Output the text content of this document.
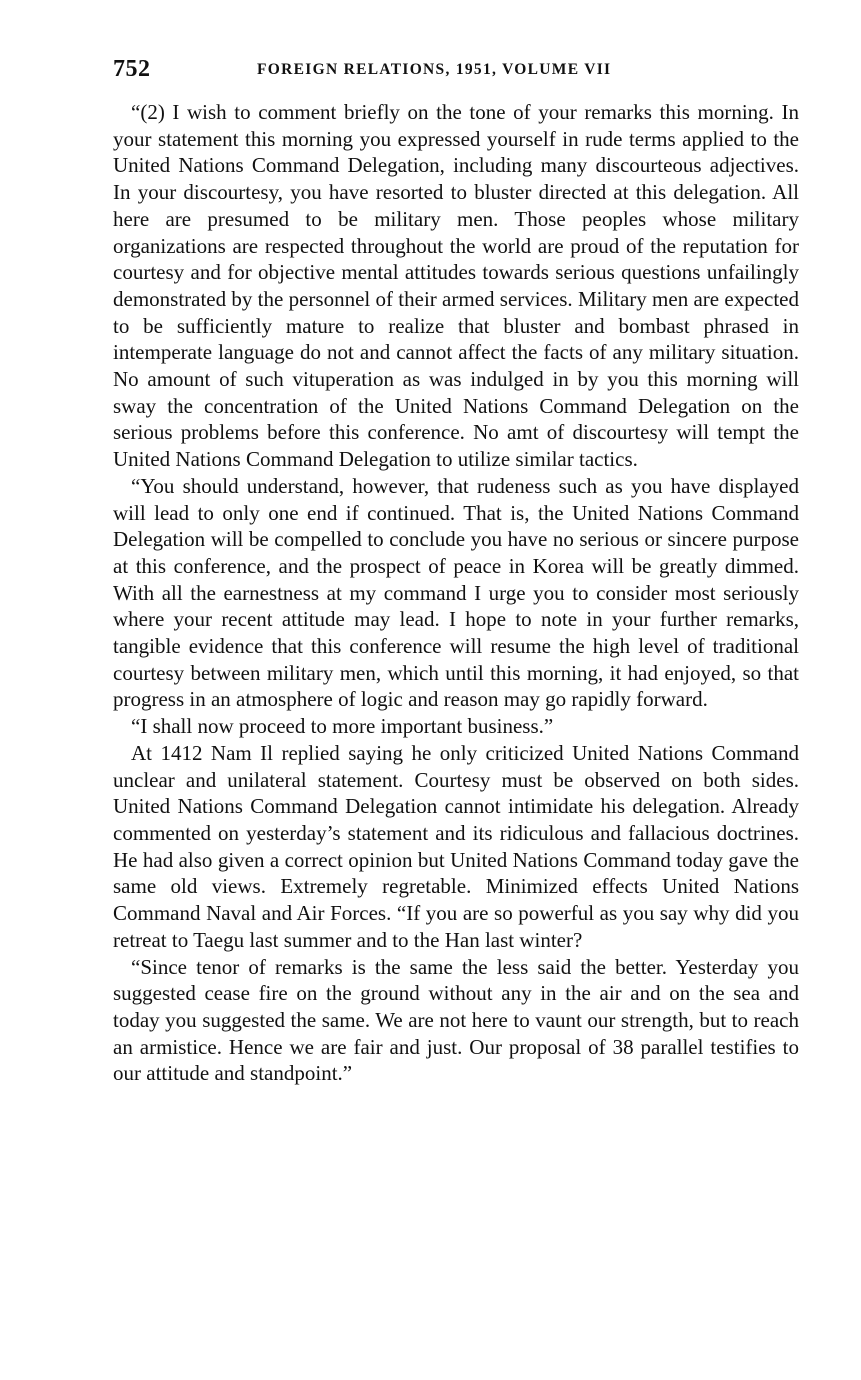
752	FOREIGN RELATIONS, 1951, VOLUME VII

“(2) I wish to comment briefly on the tone of your remarks this morning. In your statement this morning you expressed yourself in rude terms applied to the United Nations Command Delegation, including many discourteous adjectives. In your discourtesy, you have resorted to bluster directed at this delegation. All here are presumed to be military men. Those peoples whose military organizations are respected throughout the world are proud of the reputation for courtesy and for objective mental attitudes towards serious questions unfailingly demonstrated by the personnel of their armed services. Military men are expected to be sufficiently mature to realize that bluster and bombast phrased in intemperate language do not and cannot affect the facts of any military situation. No amount of such vituperation as was indulged in by you this morning will sway the concentration of the United Nations Command Delegation on the serious problems before this conference. No amt of discourtesy will tempt the United Nations Command Delegation to utilize similar tactics.

“You should understand, however, that rudeness such as you have displayed will lead to only one end if continued. That is, the United Nations Command Delegation will be compelled to conclude you have no serious or sincere purpose at this conference, and the prospect of peace in Korea will be greatly dimmed. With all the earnestness at my command I urge you to consider most seriously where your recent attitude may lead. I hope to note in your further remarks, tangible evidence that this conference will resume the high level of traditional courtesy between military men, which until this morning, it had enjoyed, so that progress in an atmosphere of logic and reason may go rapidly forward.

“I shall now proceed to more important business.”

At 1412 Nam Il replied saying he only criticized United Nations Command unclear and unilateral statement. Courtesy must be observed on both sides. United Nations Command Delegation cannot intimidate his delegation. Already commented on yesterday’s statement and its ridiculous and fallacious doctrines. He had also given a correct opinion but United Nations Command today gave the same old views. Extremely regretable. Minimized effects United Nations Command Naval and Air Forces. “If you are so powerful as you say why did you retreat to Taegu last summer and to the Han last winter?

“Since tenor of remarks is the same the less said the better. Yesterday you suggested cease fire on the ground without any in the air and on the sea and today you suggested the same. We are not here to vaunt our strength, but to reach an armistice. Hence we are fair and just. Our proposal of 38 parallel testifies to our attitude and standpoint.”
